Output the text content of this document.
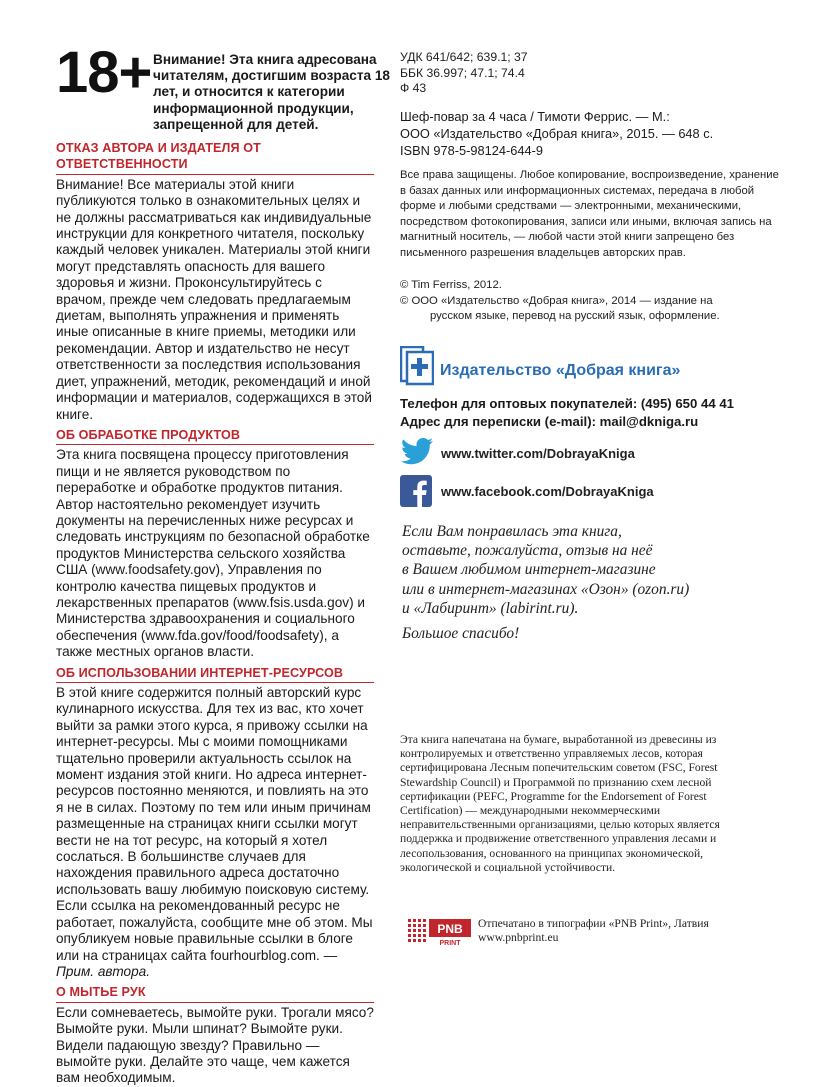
18+ Внимание! Эта книга адресована читателям, достигшим возраста 18 лет, и относится к категории информационной продукции, запрещенной для детей.
ОТКАЗ АВТОРА И ИЗДАТЕЛЯ ОТ ОТВЕТСТВЕННОСТИ

Внимание! Все материалы этой книги публикуются только в ознакомительных целях и не должны рассматриваться как индивидуальные инструкции для конкретного читателя, поскольку каждый человек уникален. Материалы этой книги могут представлять опасность для вашего здоровья и жизни. Проконсультируйтесь с врачом, прежде чем следовать предлагаемым диетам, выполнять упражнения и применять иные описанные в книге приемы, методики или рекомендации. Автор и издательство не несут ответственности за последствия использования диет, упражнений, методик, рекомендаций и иной информации и материалов, содержащихся в этой книге.

ОБ ОБРАБОТКЕ ПРОДУКТОВ

Эта книга посвящена процессу приготовления пищи и не является руководством по переработке и обработке продуктов питания. Автор настоятельно рекомендует изучить документы на перечисленных ниже ресурсах и следовать инструкциям по безопасной обработке продуктов Министерства сельского хозяйства США (www.foodsafety.gov), Управления по контролю качества пищевых продуктов и лекарственных препаратов (www.fsis.usda.gov) и Министерства здравоохранения и социального обеспечения (www.fda.gov/food/foodsafety), а также местных органов власти.

ОБ ИСПОЛЬЗОВАНИИ ИНТЕРНЕТ-РЕСУРСОВ

В этой книге содержится полный авторский курс кулинарного искусства. Для тех из вас, кто хочет выйти за рамки этого курса, я привожу ссылки на интернет-ресурсы. Мы с моими помощниками тщательно проверили актуальность ссылок на момент издания этой книги. Но адреса интернет-ресурсов постоянно меняются, и повлиять на это я не в силах. Поэтому по тем или иным причинам размещенные на страницах книги ссылки могут вести не на тот ресурс, на который я хотел сослаться. В большинстве случаев для нахождения правильного адреса достаточно использовать вашу любимую поисковую систему. Если ссылка на рекомендованный ресурс не работает, пожалуйста, сообщите мне об этом. Мы опубликуем новые правильные ссылки в блоге или на страницах сайта fourhourblog.com. — Прим. автора.

О МЫТЬЕ РУК

Если сомневаетесь, вымойте руки. Трогали мясо? Вымойте руки. Мыли шпинат? Вымойте руки. Видели падающую звезду? Правильно — вымойте руки. Делайте это чаще, чем кажется вам необходимым.

УДК 641/642; 639.1; 37
ББК 36.997; 47.1; 74.4
Ф 43
Шеф-повар за 4 часа / Тимоти Феррис. — М.:
ООО «Издательство «Добрая книга», 2015. — 648 с.
ISBN 978-5-98124-644-9
Все права защищены. Любое копирование, воспроизведение, хранение в базах данных или информационных системах, передача в любой форме и любыми средствами — электронными, механическими, посредством фотокопирования, записи или иными, включая запись на магнитный носитель, — любой части этой книги запрещено без письменного разрешения владельцев авторских прав.
© Tim Ferriss, 2012.
© ООО «Издательство «Добрая книга», 2014 — издание на
русском языке, перевод на русский язык, оформление.
Издательство «Добрая книга»
Телефон для оптовых покупателей: (495) 650 44 41
Адрес для переписки (e-mail): mail@dkniga.ru
www.twitter.com/DobrayaKniga
www.facebook.com/DobrayaKniga
Если Вам понравилась эта книга,
оставьте, пожалуйста, отзыв на неё
в Вашем любимом интернет-магазине
или в интернет-магазинах «Озон» (ozon.ru)
и «Лабиринт» (labirint.ru).
Большое спасибо!
Эта книга напечатана на бумаге, выработанной из древесины из контролируемых и ответственно управляемых лесов, которая сертифицирована Лесным попечительским советом (FSC, Forest Stewardship Council) и Программой по признанию схем лесной сертификации (PEFC, Programme for the Endorsement of Forest Certification) — международными некоммерческими неправительственными организациями, целью которых является поддержка и продвижение ответственного управления лесами и лесопользования, основанного на принципах экономической, экологической и социальной устойчивости.
PNB
PRINT
Отпечатано в типографии «PNB Print», Латвия
www.pnbprint.eu
